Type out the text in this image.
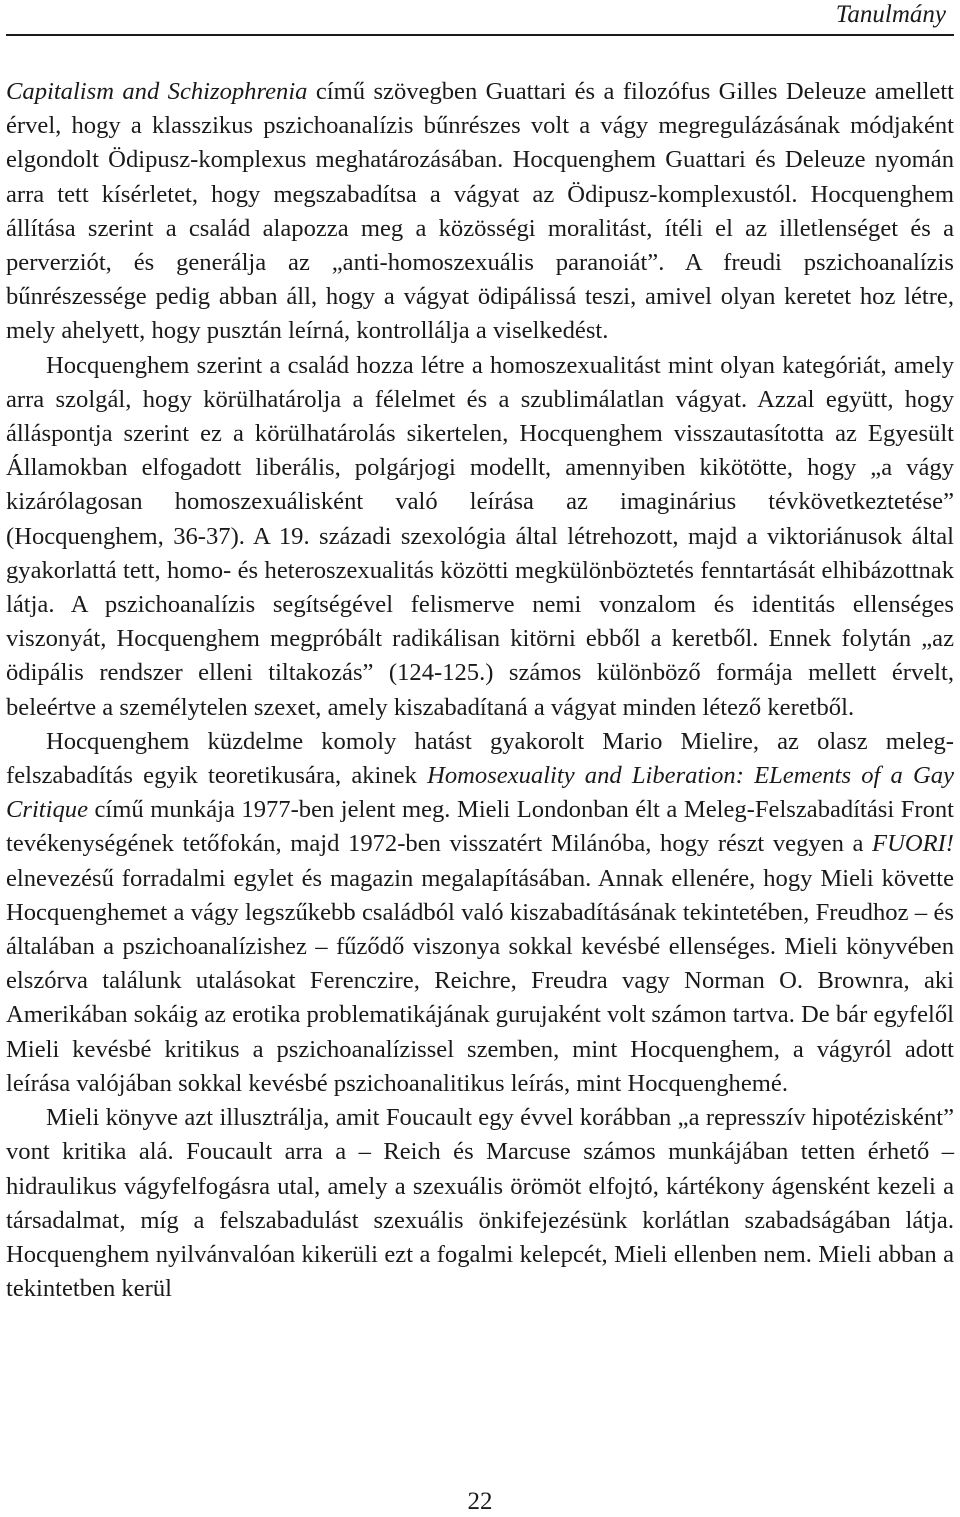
Tanulmány

Capitalism and Schizophrenia című szövegben Guattari és a filozófus Gilles Deleuze amellett érvel, hogy a klasszikus pszichoanalízis bűnrészes volt a vágy megregulázásának módjaként elgondolt Ödipusz-komplexus meghatározásában. Hocquenghem Guattari és Deleuze nyomán arra tett kísérletet, hogy megszabadítsa a vágyat az Ödipusz-komplexustól. Hocquenghem állítása szerint a család alapozza meg a közösségi moralitást, ítéli el az illetlenséget és a perverziót, és generálja az „anti-homoszexuális paranoiát”. A freudi pszichoanalízis bűnrészessége pedig abban áll, hogy a vágyat ödipálissá teszi, amivel olyan keretet hoz létre, mely ahelyett, hogy pusztán leírná, kontrollálja a viselkedést.

Hocquenghem szerint a család hozza létre a homoszexualitást mint olyan kategóriát, amely arra szolgál, hogy körülhatárolja a félelmet és a szublimálatlan vágyat. Azzal együtt, hogy álláspontja szerint ez a körülhatárolás sikertelen, Hocquenghem visszautasította az Egyesült Államokban elfogadott liberális, polgárjogi modellt, amennyiben kikötötte, hogy „a vágy kizárólagosan homoszexuálisként való leírása az imaginárius tévkövetkeztetése” (Hocquenghem, 36-37). A 19. századi szexológia által létrehozott, majd a viktoriánusok által gyakorlattá tett, homo- és heteroszexualitás közötti megkülönböztetés fenntartását elhibázottnak látja. A pszichoanalízis segítségével felismerve nemi vonzalom és identitás ellenséges viszonyát, Hocquenghem megpróbált radikálisan kitörni ebből a keretből. Ennek folytán „az ödipális rendszer elleni tiltakozás” (124-125.) számos különböző formája mellett érvelt, beleértve a személytelen szexet, amely kiszabadítaná a vágyat minden létező keretből.

Hocquenghem küzdelme komoly hatást gyakorolt Mario Mielire, az olasz meleg-felszabadítás egyik teoretikusára, akinek Homosexuality and Liberation: ELements of a Gay Critique című munkája 1977-ben jelent meg. Mieli Londonban élt a Meleg-Felszabadítási Front tevékenységének tetőfokán, majd 1972-ben visszatért Milánóba, hogy részt vegyen a FUORI! elnevezésű forradalmi egylet és magazin megalapításában. Annak ellenére, hogy Mieli követte Hocquenghemet a vágy legszűkebb családból való kiszabadításának tekintetében, Freudhoz – és általában a pszichoanalízishez – fűződő viszonya sokkal kevésbé ellenséges. Mieli könyvében elszórva találunk utalásokat Ferenczire, Reichre, Freudra vagy Norman O. Brownra, aki Amerikában sokáig az erotika problematikájának gurujaként volt számon tartva. De bár egyfelől Mieli kevésbé kritikus a pszichoanalízissel szemben, mint Hocquenghem, a vágyról adott leírása valójában sokkal kevésbé pszichoanalitikus leírás, mint Hocquenghemé.

Mieli könyve azt illusztrálja, amit Foucault egy évvel korábban „a represszív hipotézisként” vont kritika alá. Foucault arra a – Reich és Marcuse számos munkájában tetten érhető – hidraulikus vágyfelfogásra utal, amely a szexuális örömöt elfojtó, kártékony ágensként kezeli a társadalmat, míg a felszabadulást szexuális önkifejezésünk korlátlan szabadságában látja. Hocquenghem nyilvánvalóan kikerüli ezt a fogalmi kelepcét, Mieli ellenben nem. Mieli abban a tekintetben kerül

22
